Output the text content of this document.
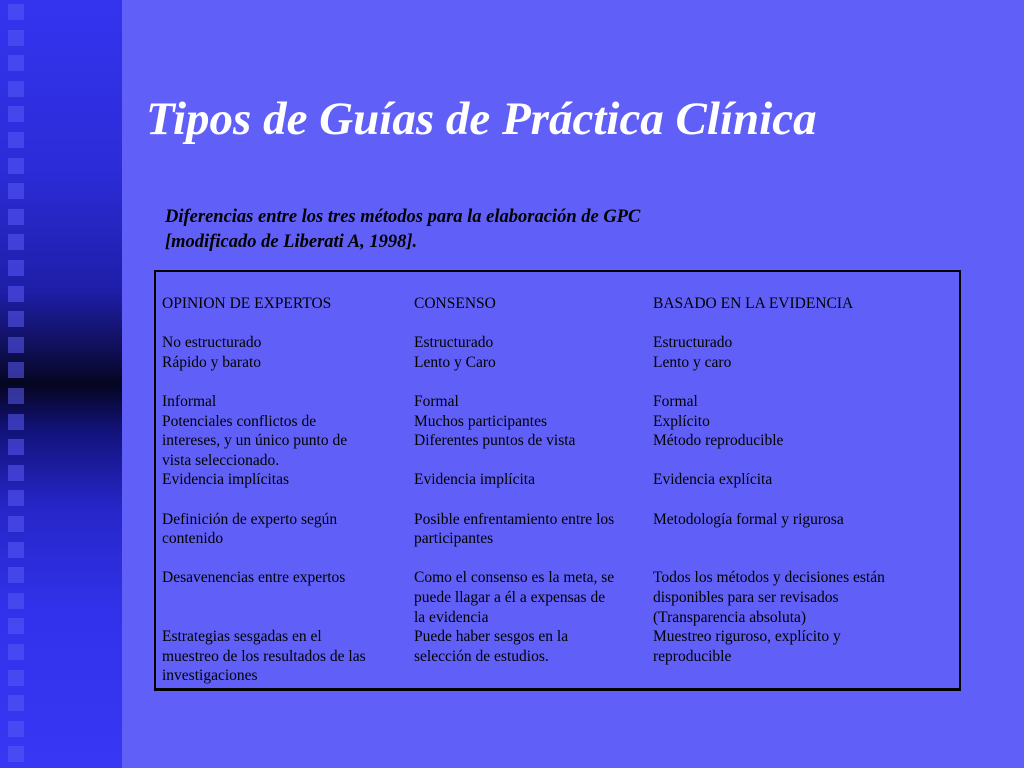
Tipos de Guías de Práctica Clínica
Diferencias entre los tres métodos para la elaboración de GPC
[modificado de Liberati A, 1998].
OPINION DE EXPERTOS
No estructurado
Rápido y barato
Informal
Potenciales conflictos de
intereses, y un único punto de
vista seleccionado.
Evidencia implícitas
Definición de experto según
contenido
Desavenencias entre expertos
Estrategias sesgadas en el
muestreo de los resultados de las
investigaciones
CONSENSO
Estructurado
Lento y Caro
Formal
Muchos participantes
Diferentes puntos de vista
Evidencia implícita
Posible enfrentamiento entre los
participantes
Como el consenso es la meta, se
puede llagar a él a expensas de
la evidencia
Puede haber sesgos en la
selección de estudios.
BASADO EN LA EVIDENCIA
Estructurado
Lento y caro
Formal
Explícito
Método reproducible
Evidencia explícita
Metodología formal y rigurosa
Todos los métodos y decisiones están
disponibles para ser revisados
(Transparencia absoluta)
Muestreo riguroso, explícito y
reproducible
